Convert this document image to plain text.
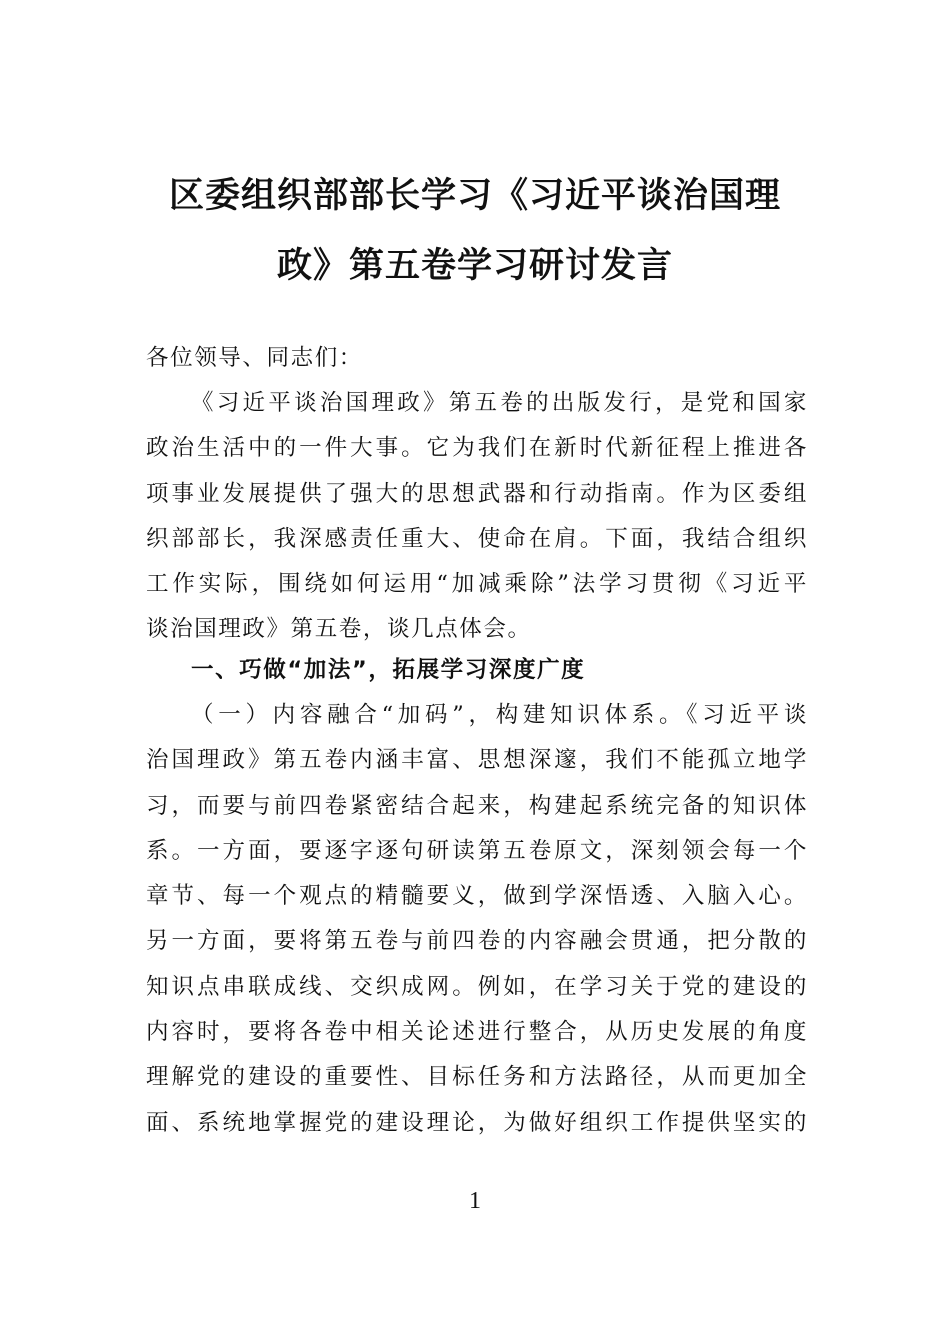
区委组织部部长学习《习近平谈治国理
政》第五卷学习研讨发言

各位领导、同志们：

《习近平谈治国理政》第五卷的出版发行，是党和国家
政治生活中的一件大事。它为我们在新时代新征程上推进各
项事业发展提供了强大的思想武器和行动指南。作为区委组
织部部长，我深感责任重大、使命在肩。下面，我结合组织
工作实际，围绕如何运用“加减乘除”法学习贯彻《习近平
谈治国理政》第五卷，谈几点体会。

一、巧做“加法”，拓展学习深度广度

（一）内容融合“加码”，构建知识体系。《习近平谈
治国理政》第五卷内涵丰富、思想深邃，我们不能孤立地学
习，而要与前四卷紧密结合起来，构建起系统完备的知识体
系。一方面，要逐字逐句研读第五卷原文，深刻领会每一个
章节、每一个观点的精髓要义，做到学深悟透、入脑入心。
另一方面，要将第五卷与前四卷的内容融会贯通，把分散的
知识点串联成线、交织成网。例如，在学习关于党的建设的
内容时，要将各卷中相关论述进行整合，从历史发展的角度
理解党的建设的重要性、目标任务和方法路径，从而更加全
面、系统地掌握党的建设理论，为做好组织工作提供坚实的

1
